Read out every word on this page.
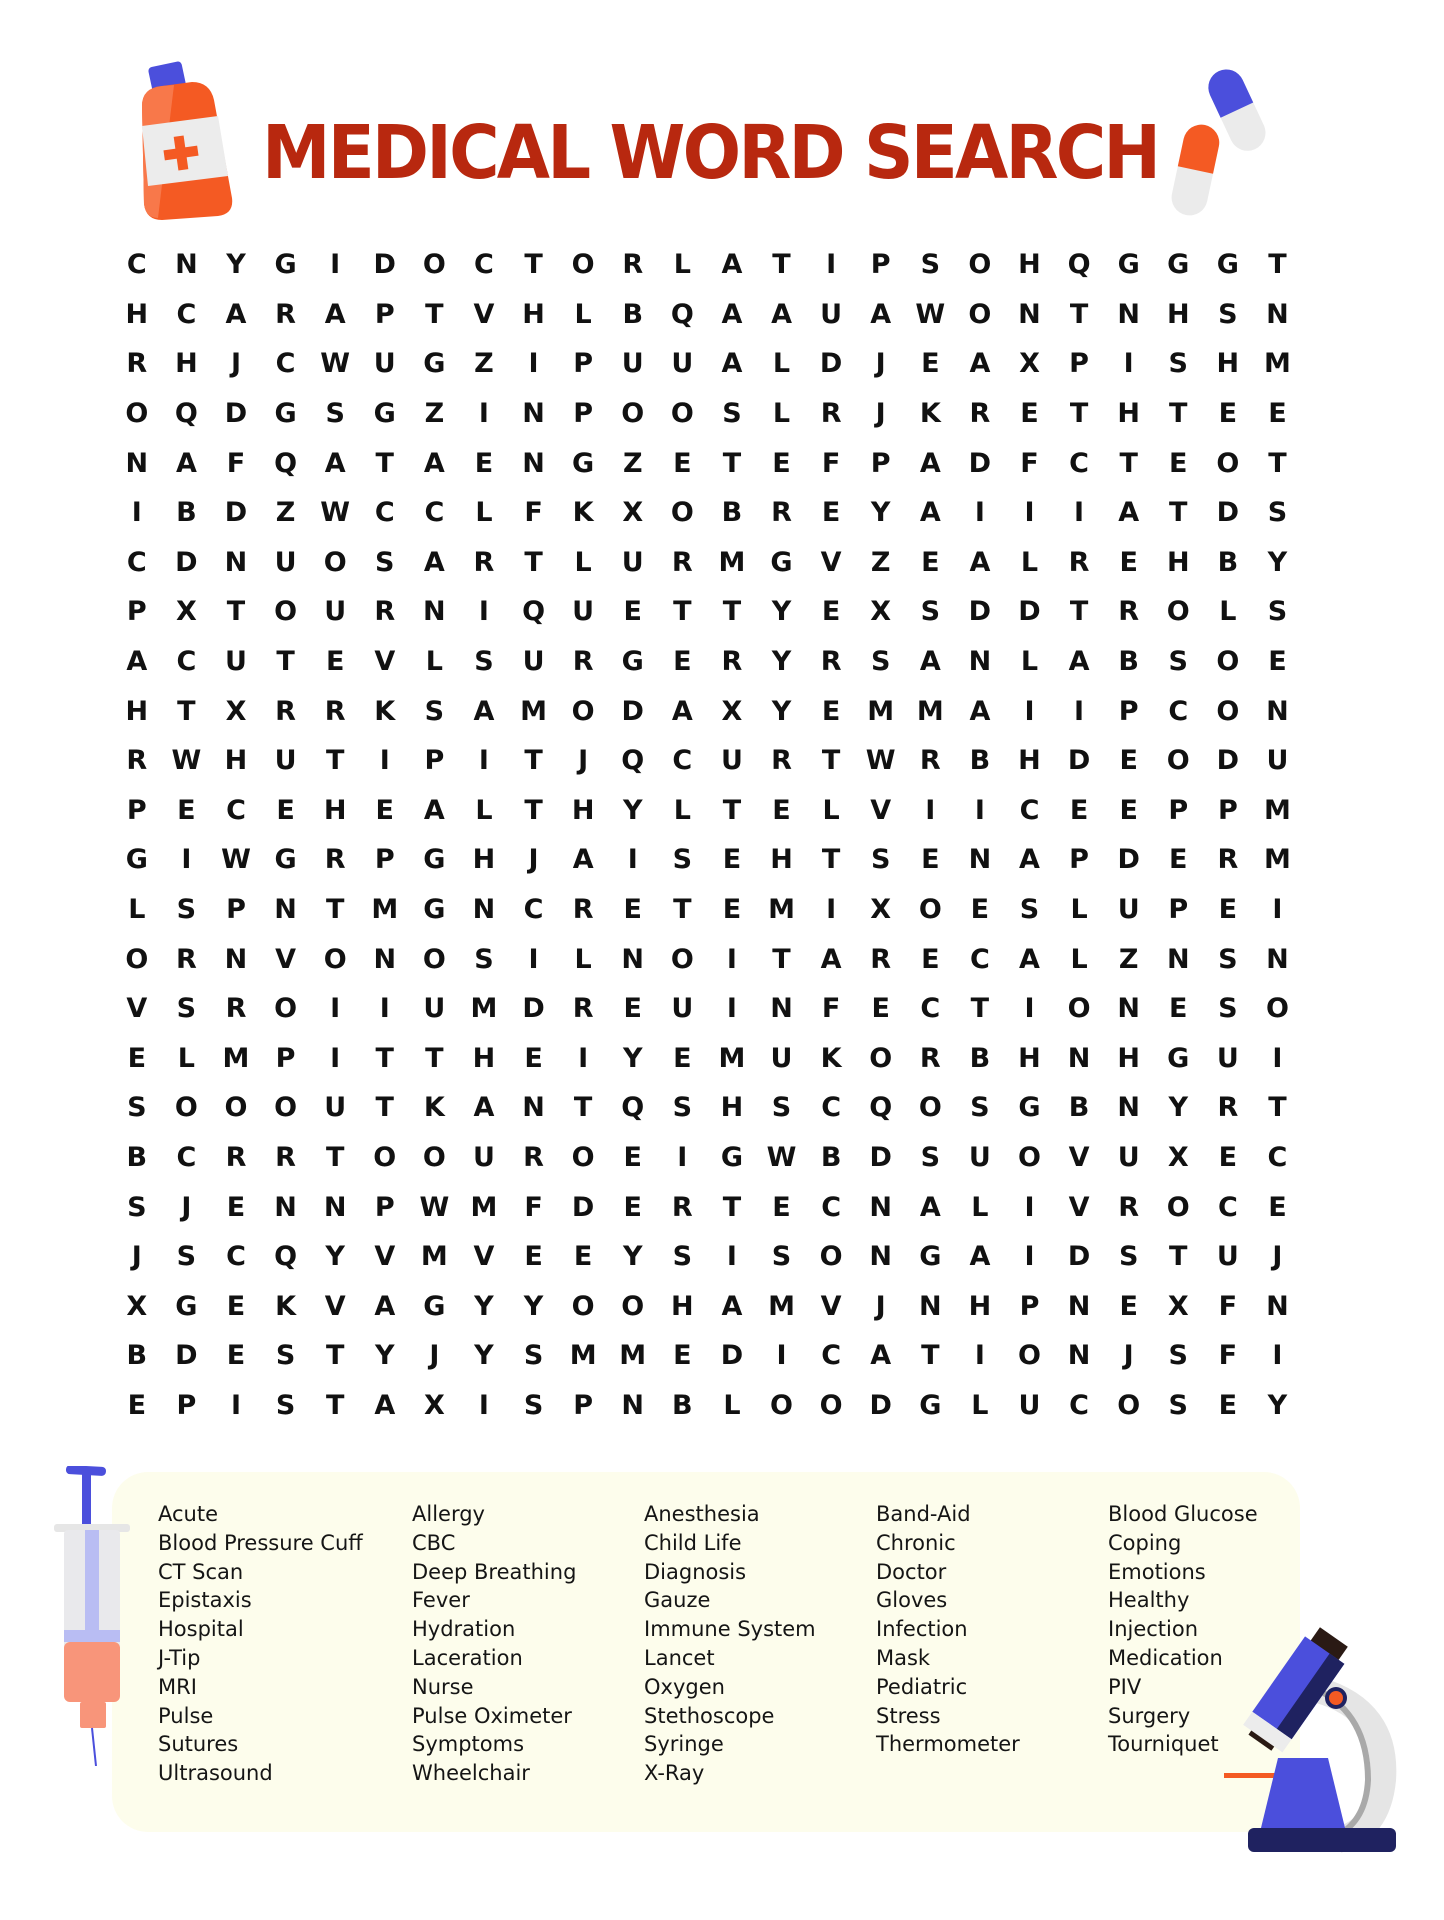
MEDICAL WORD SEARCH
C	N	Y	G	I	D O	C	T	O	R	L	A	T	I	P	S	O H Q	G	G	G	T
H	C	A	R	A	P	T	V	H	L	B	Q	A	A	U	A W O N	T	N H	S	N
R	H	J	C W U	G	Z	I	P	U	U	A	L	D	J	E	A	X	P	I	S	H M
O Q D	G	S	G	Z	I	N	P	O O	S	L	R	J	K	R	E	T	H	T	E	E
N	A	F	Q	A	T	A	E	N	G	Z	E	T	E	F	P	A	D	F	C	T	E	O	T
I	B	D	Z W C	C	L	F	K	X	O	B	R	E	Y	A	I	I	I	A	T	D	S
C	D	N	U	O	S	A	R	T	L	U	R M G	V	Z	E	A	L	R	E	H	B	Y
P	X	T	O	U	R	N	I	Q	U	E	T	T	Y	E	X	S	D	D	T	R	O	L	S
A	C	U	T	E	V	L	S	U	R	G	E	R	Y	R	S	A	N	L	A	B	S	O	E
H	T	X	R	R	K	S	A M O D	A	X	Y	E M M A	I	I	P	C	O N
R W H	U	T	I	P	I	T	J	Q	C	U	R	T W R	B	H	D	E	O D	U
P	E	C	E	H	E	A	L	T	H	Y	L	T	E	L	V	I	I	C	E	E	P	P M
G	I	W G	R	P	G	H	J	A	I	S	E	H	T	S	E	N	A	P	D	E	R M
L	S	P	N	T M G	N	C	R	E	T	E M	I	X	O	E	S	L	U	P	E	I
O	R	N	V	O N O	S	I	L	N O	I	T	A	R	E	C	A	L	Z	N	S	N
V	S	R	O	I	I	U M D	R	E	U	I	N	F	E	C	T	I	O N	E	S	O
E	L	M P	I	T	T	H	E	I	Y	E M U	K	O	R	B	H N H	G	U	I
S	O O O	U	T	K	A	N	T	Q	S	H	S	C	Q O	S	G	B	N	Y	R	T
B	C	R	R	T	O O	U	R	O	E	I	G W B	D	S	U	O	V	U	X	E	C
S	J	E	N N	P W M F	D	E	R	T	E	C	N	A	L	I	V	R	O	C	E
J	S	C	Q	Y	V M V	E	E	Y	S	I	S	O N	G	A	I	D	S	T	U	J
X	G	E	K	V	A	G	Y	Y	O O H	A M V	J	N H	P	N	E	X	F	N
B	D	E	S	T	Y	J	Y	S M M E	D	I	C	A	T	I	O N	J	S	F	I
E	P	I	S	T	A	X	I	S	P	N	B	L	O O D	G	L	U	C	O	S	E	Y
Acute
Blood Pressure Cuff
CT Scan
Epistaxis
Hospital
J-Tip
MRI
Pulse
Sutures
Ultrasound
Allergy
CBC
Deep Breathing
Fever
Hydration
Laceration
Nurse
Pulse Oximeter
Symptoms
Wheelchair
Anesthesia
Child Life
Diagnosis
Gauze
Immune System
Lancet
Oxygen
Stethoscope
Syringe
X-Ray
Band-Aid
Chronic
Doctor
Gloves
Infection
Mask
Pediatric
Stress
Thermometer
Blood Glucose
Coping
Emotions
Healthy
Injection
Medication
PIV
Surgery
Tourniquet
